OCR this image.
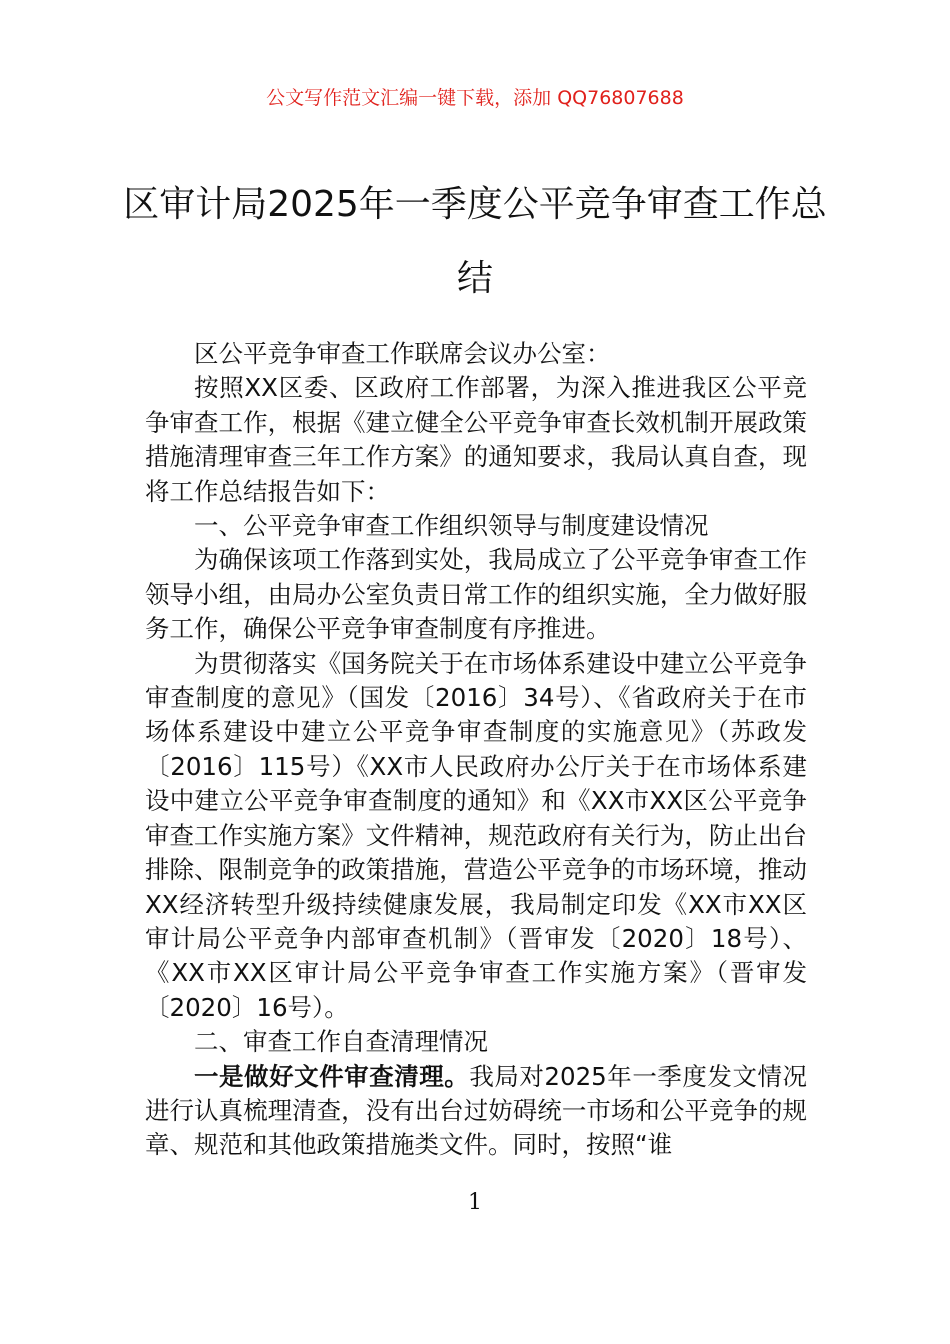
公文写作范文汇编一键下载，添加 QQ76807688
区审计局2025年一季度公平竞争审查工作总结

区公平竞争审查工作联席会议办公室：

按照XX区委、区政府工作部署，为深入推进我区公平竞争审查工作，根据《建立健全公平竞争审查长效机制开展政策措施清理审查三年工作方案》的通知要求，我局认真自查，现将工作总结报告如下：

一、公平竞争审查工作组织领导与制度建设情况

为确保该项工作落到实处，我局成立了公平竞争审查工作领导小组，由局办公室负责日常工作的组织实施，全力做好服务工作，确保公平竞争审查制度有序推进。

为贯彻落实《国务院关于在市场体系建设中建立公平竞争审查制度的意见》（国发〔2016〕34号）、《省政府关于在市场体系建设中建立公平竞争审查制度的实施意见》（苏政发〔2016〕115号）《XX市人民政府办公厅关于在市场体系建设中建立公平竞争审查制度的通知》和《XX市XX区公平竞争审查工作实施方案》文件精神，规范政府有关行为，防止出台排除、限制竞争的政策措施，营造公平竞争的市场环境，推动XX经济转型升级持续健康发展，我局制定印发《XX市XX区审计局公平竞争内部审查机制》（晋审发〔2020〕18号）、《XX市XX区审计局公平竞争审查工作实施方案》（晋审发〔2020〕16号）。

二、审查工作自查清理情况

一是做好文件审查清理。我局对2025年一季度发文情况进行认真梳理清查，没有出台过妨碍统一市场和公平竞争的规章、规范和其他政策措施类文件。同时，按照“谁

1
